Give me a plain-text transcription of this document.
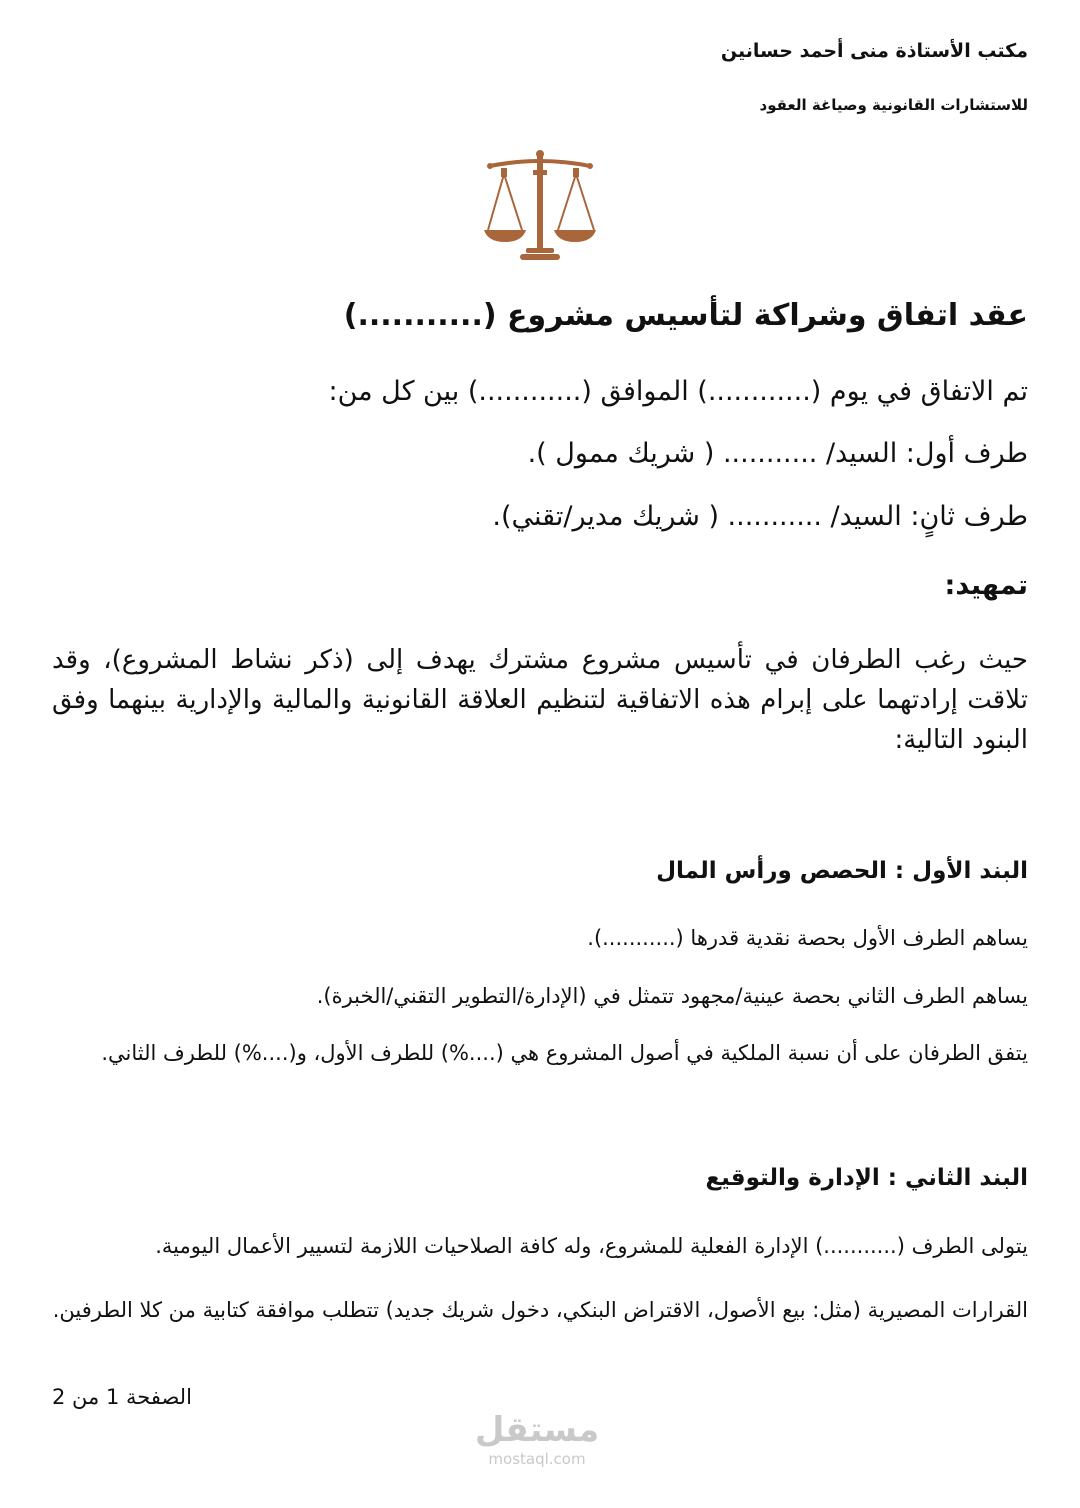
مكتب الأستاذة منى أحمد حسانين
للاستشارات القانونية وصياغة العقود
عقد اتفاق وشراكة لتأسيس مشروع (...........)
تم الاتفاق في يوم (............) الموافق (............) بين كل من:
طرف أول: السيد/ ........... ( شريك ممول ).
طرف ثانٍ: السيد/ ........... ( شريك مدير/تقني).
تمهيد:
حيث رغب الطرفان في تأسيس مشروع مشترك يهدف إلى (ذكر نشاط المشروع)، وقد تلاقت إرادتهما على إبرام هذه الاتفاقية لتنظيم العلاقة القانونية والمالية والإدارية بينهما وفق البنود التالية:
البند الأول : الحصص ورأس المال
يساهم الطرف الأول بحصة نقدية قدرها (...........).
يساهم الطرف الثاني بحصة عينية/مجهود تتمثل في (الإدارة/التطوير التقني/الخبرة).
يتفق الطرفان على أن نسبة الملكية في أصول المشروع هي (....%) للطرف الأول، و(....%) للطرف الثاني.
البند الثاني : الإدارة والتوقيع
يتولى الطرف (...........) الإدارة الفعلية للمشروع، وله كافة الصلاحيات اللازمة لتسيير الأعمال اليومية.
القرارات المصيرية (مثل: بيع الأصول، الاقتراض البنكي، دخول شريك جديد) تتطلب موافقة كتابية من كلا الطرفين.
الصفحة 1 من 2
مستقل
mostaql.com
